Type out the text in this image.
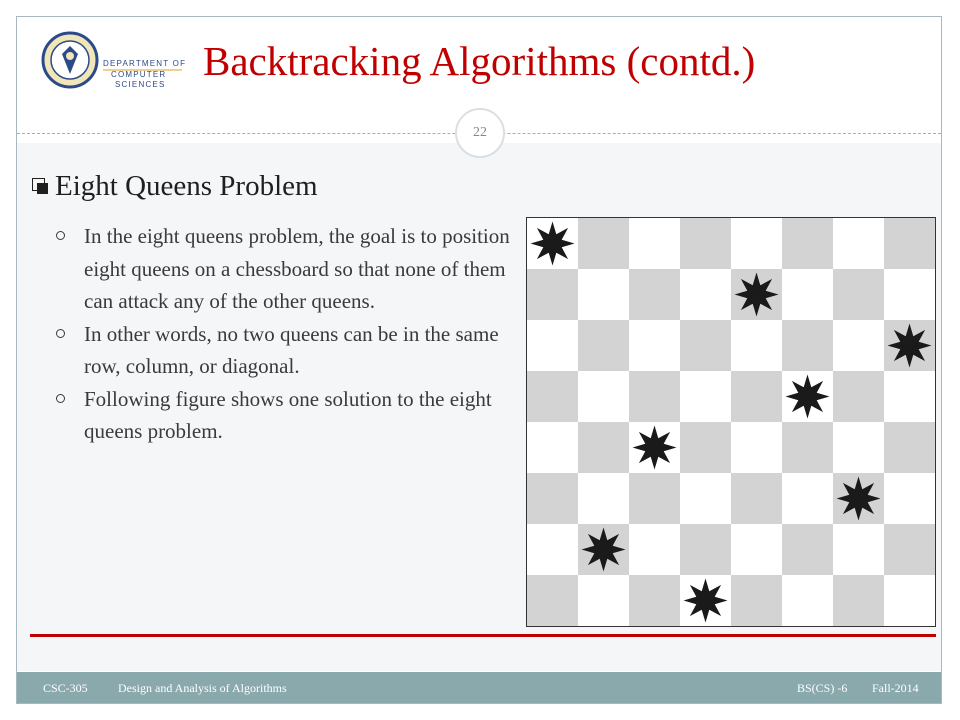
DEPARTMENT OF
COMPUTER
SCIENCES
Backtracking Algorithms (contd.)
22
Eight Queens Problem
In the eight queens problem, the goal is to position eight queens on a chessboard so that none of them can attack any of the other queens.
In other words, no two queens can be in the same row, column, or diagonal.
Following figure shows one solution to the eight queens problem.
CSC-305	Design and Analysis of Algorithms	BS(CS) -6 Fall-2014
